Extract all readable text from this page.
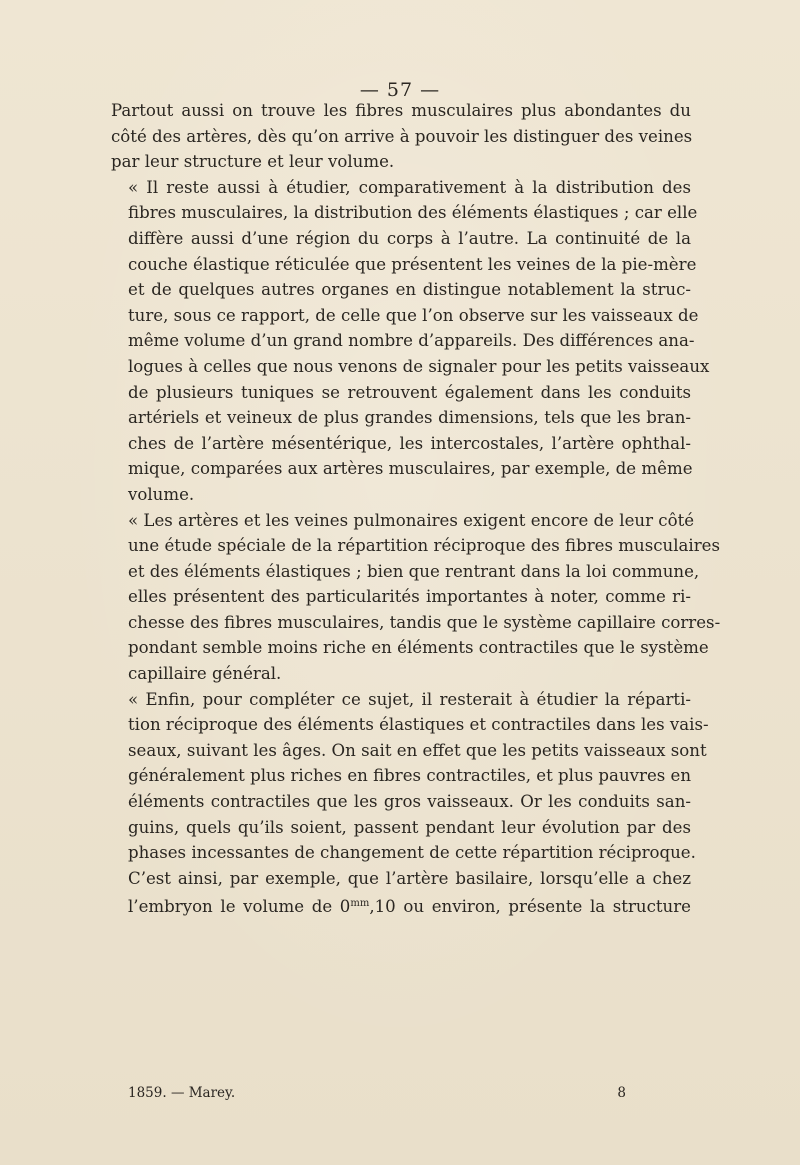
— 57 —
Partout aussi on trouve les fibres musculaires plus abondantes du
côté des artères, dès qu’on arrive à pouvoir les distinguer des veines
par leur structure et leur volume.
« Il reste aussi à étudier, comparativement à la distribution des
fibres musculaires, la distribution des éléments élastiques ; car elle
diffère aussi d’une région du corps à l’autre. La continuité de la
couche élastique réticulée que présentent les veines de la pie-mère
et de quelques autres organes en distingue notablement la struc-
ture, sous ce rapport, de celle que l’on observe sur les vaisseaux de
même volume d’un grand nombre d’appareils. Des différences ana-
logues à celles que nous venons de signaler pour les petits vaisseaux
de plusieurs tuniques se retrouvent également dans les conduits
artériels et veineux de plus grandes dimensions, tels que les bran-
ches de l’artère mésentérique, les intercostales, l’artère ophthal-
mique, comparées aux artères musculaires, par exemple, de même
volume.
« Les artères et les veines pulmonaires exigent encore de leur côté
une étude spéciale de la répartition réciproque des fibres musculaires
et des éléments élastiques ; bien que rentrant dans la loi commune,
elles présentent des particularités importantes à noter, comme ri-
chesse des fibres musculaires, tandis que le système capillaire corres-
pondant semble moins riche en éléments contractiles que le système
capillaire général.
« Enfin, pour compléter ce sujet, il resterait à étudier la réparti-
tion réciproque des éléments élastiques et contractiles dans les vais-
seaux, suivant les âges. On sait en effet que les petits vaisseaux sont
généralement plus riches en fibres contractiles, et plus pauvres en
éléments contractiles que les gros vaisseaux. Or les conduits san-
guins, quels qu’ils soient, passent pendant leur évolution par des
phases incessantes de changement de cette répartition réciproque.
C’est ainsi, par exemple, que l’artère basilaire, lorsqu’elle a chez
l’embryon le volume de $0^{mm},10$ ou environ, présente la structure
1859. — Marey.	8
